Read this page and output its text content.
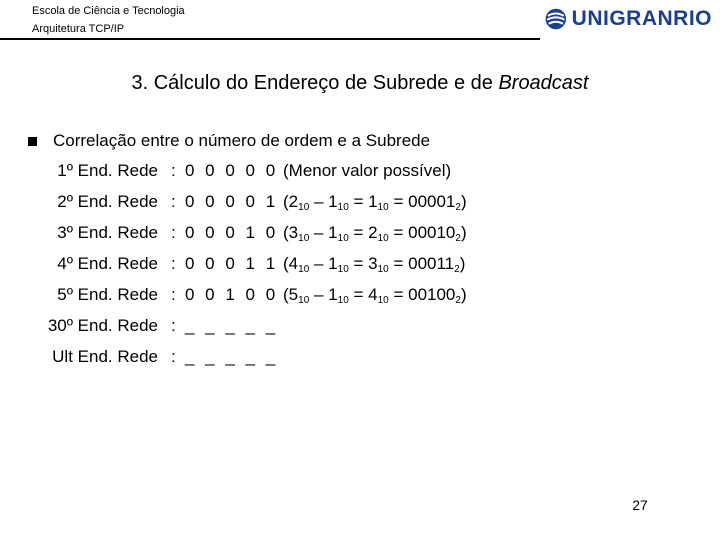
Escola de Ciência e Tecnologia
Arquitetura TCP/IP	UNIGRANRIO
3. Cálculo do Endereço de Subrede e de Broadcast
Correlação entre o número de ordem e a Subrede
1º End. Rede : 0 0 0 0 0 (Menor valor possível)
2º End. Rede : 0 0 0 0 1 $(2_{10} - 1_{10} = 1_{10} = 00001_2)$
3º End. Rede : 0 0 0 1 0 $(3_{10} - 1_{10} = 2_{10} = 00010_2)$
4º End. Rede : 0 0 0 1 1 $(4_{10} - 1_{10} = 3_{10} = 00011_2)$
5º End. Rede : 0 0 1 0 0 $(5_{10} - 1_{10} = 4_{10} = 00100_2)$
30º End. Rede : _ _ _ _ _
Ult End. Rede : _ _ _ _ _
27
